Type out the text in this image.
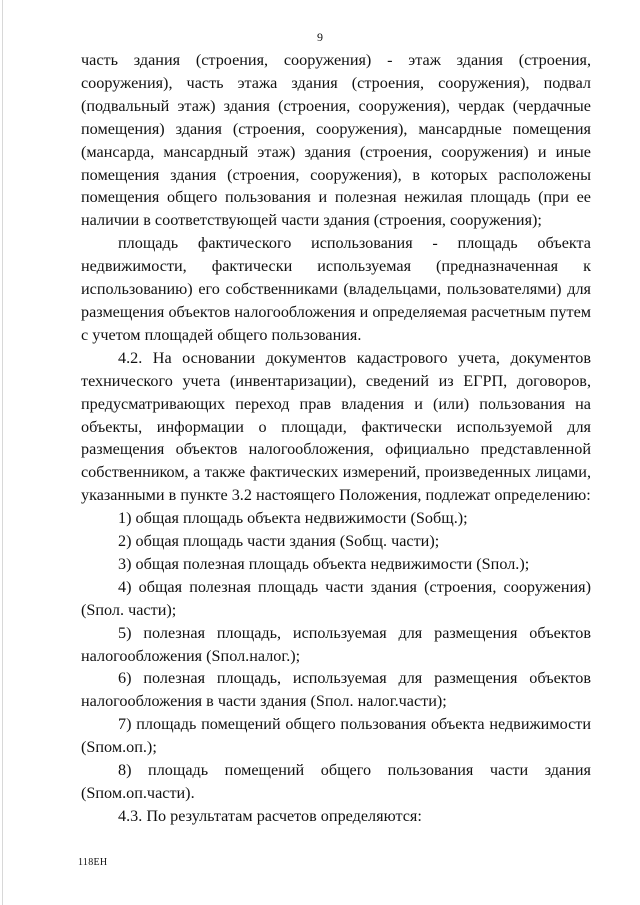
9

часть здания (строения, сооружения) - этаж здания (строения, сооружения), часть этажа здания (строения, сооружения), подвал (подвальный этаж) здания (строения, сооружения), чердак (чердачные помещения) здания (строения, сооружения), мансардные помещения (мансарда, мансардный этаж) здания (строения, сооружения) и иные помещения здания (строения, сооружения), в которых расположены помещения общего пользования и полезная нежилая площадь (при ее наличии в соответствующей части здания (строения, сооружения);

площадь фактического использования - площадь объекта недвижимости, фактически используемая (предназначенная к использованию) его собственниками (владельцами, пользователями) для размещения объектов налогообложения и определяемая расчетным путем с учетом площадей общего пользования.

4.2. На основании документов кадастрового учета, документов технического учета (инвентаризации), сведений из ЕГРП, договоров, предусматривающих переход прав владения и (или) пользования на объекты, информации о площади, фактически используемой для размещения объектов налогообложения, официально представленной собственником, а также фактических измерений, произведенных лицами, указанными в пункте 3.2 настоящего Положения, подлежат определению:

1) общая площадь объекта недвижимости (Sобщ.);

2) общая площадь части здания (Sобщ. части);

3) общая полезная площадь объекта недвижимости (Sпол.);

4) общая полезная площадь части здания (строения, сооружения) (Sпол. части);

5) полезная площадь, используемая для размещения объектов налогообложения (Sпол.налог.);

6) полезная площадь, используемая для размещения объектов налогообложения в части здания (Sпол. налог.части);

7) площадь помещений общего пользования объекта недвижимости (Sпом.оп.);

8) площадь помещений общего пользования части здания (Sпом.оп.части).

4.3. По результатам расчетов определяются:

118EH
